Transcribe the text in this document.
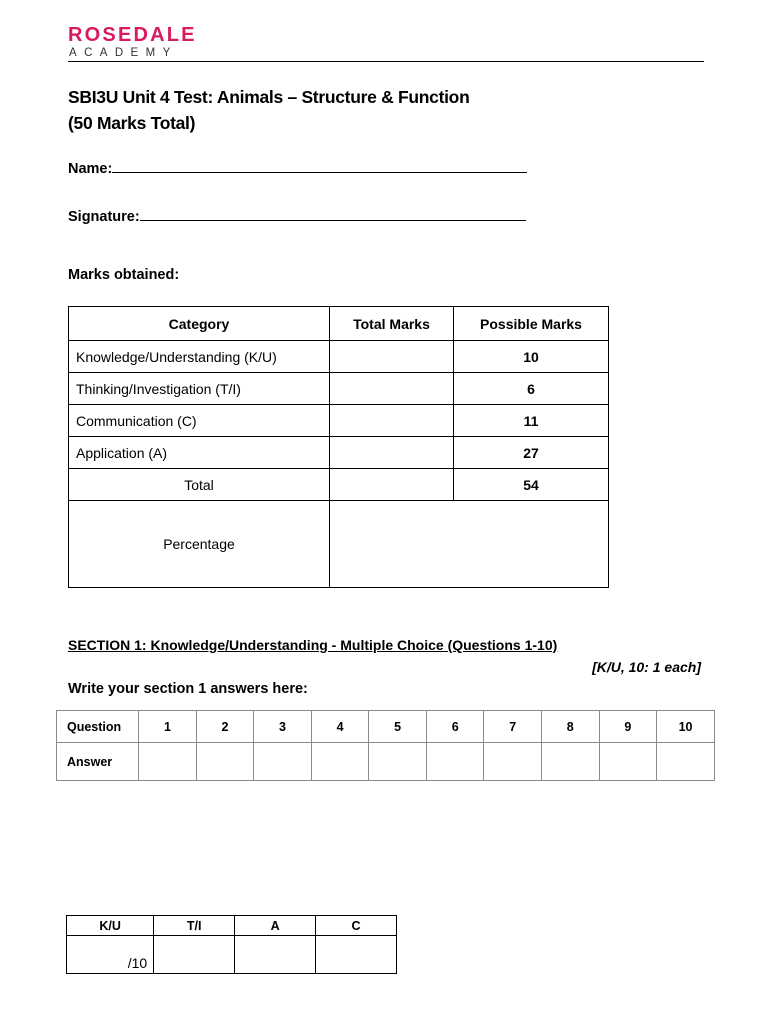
ROSEDALE
ACADEMY
SBI3U Unit 4 Test: Animals – Structure & Function
(50 Marks Total)
Name:
Signature:
Marks obtained:
Category	Total Marks	Possible Marks
Knowledge/Understanding (K/U)		10
Thinking/Investigation (T/I)		6
Communication (C)		11
Application (A)		27
Total		54
Percentage		
SECTION 1: Knowledge/Understanding - Multiple Choice (Questions 1-10)
[K/U, 10: 1 each]
Write your section 1 answers here:
Question	1	2	3	4	5	6	7	8	9	10
Answer										
K/U	T/I	A	C
/10			
